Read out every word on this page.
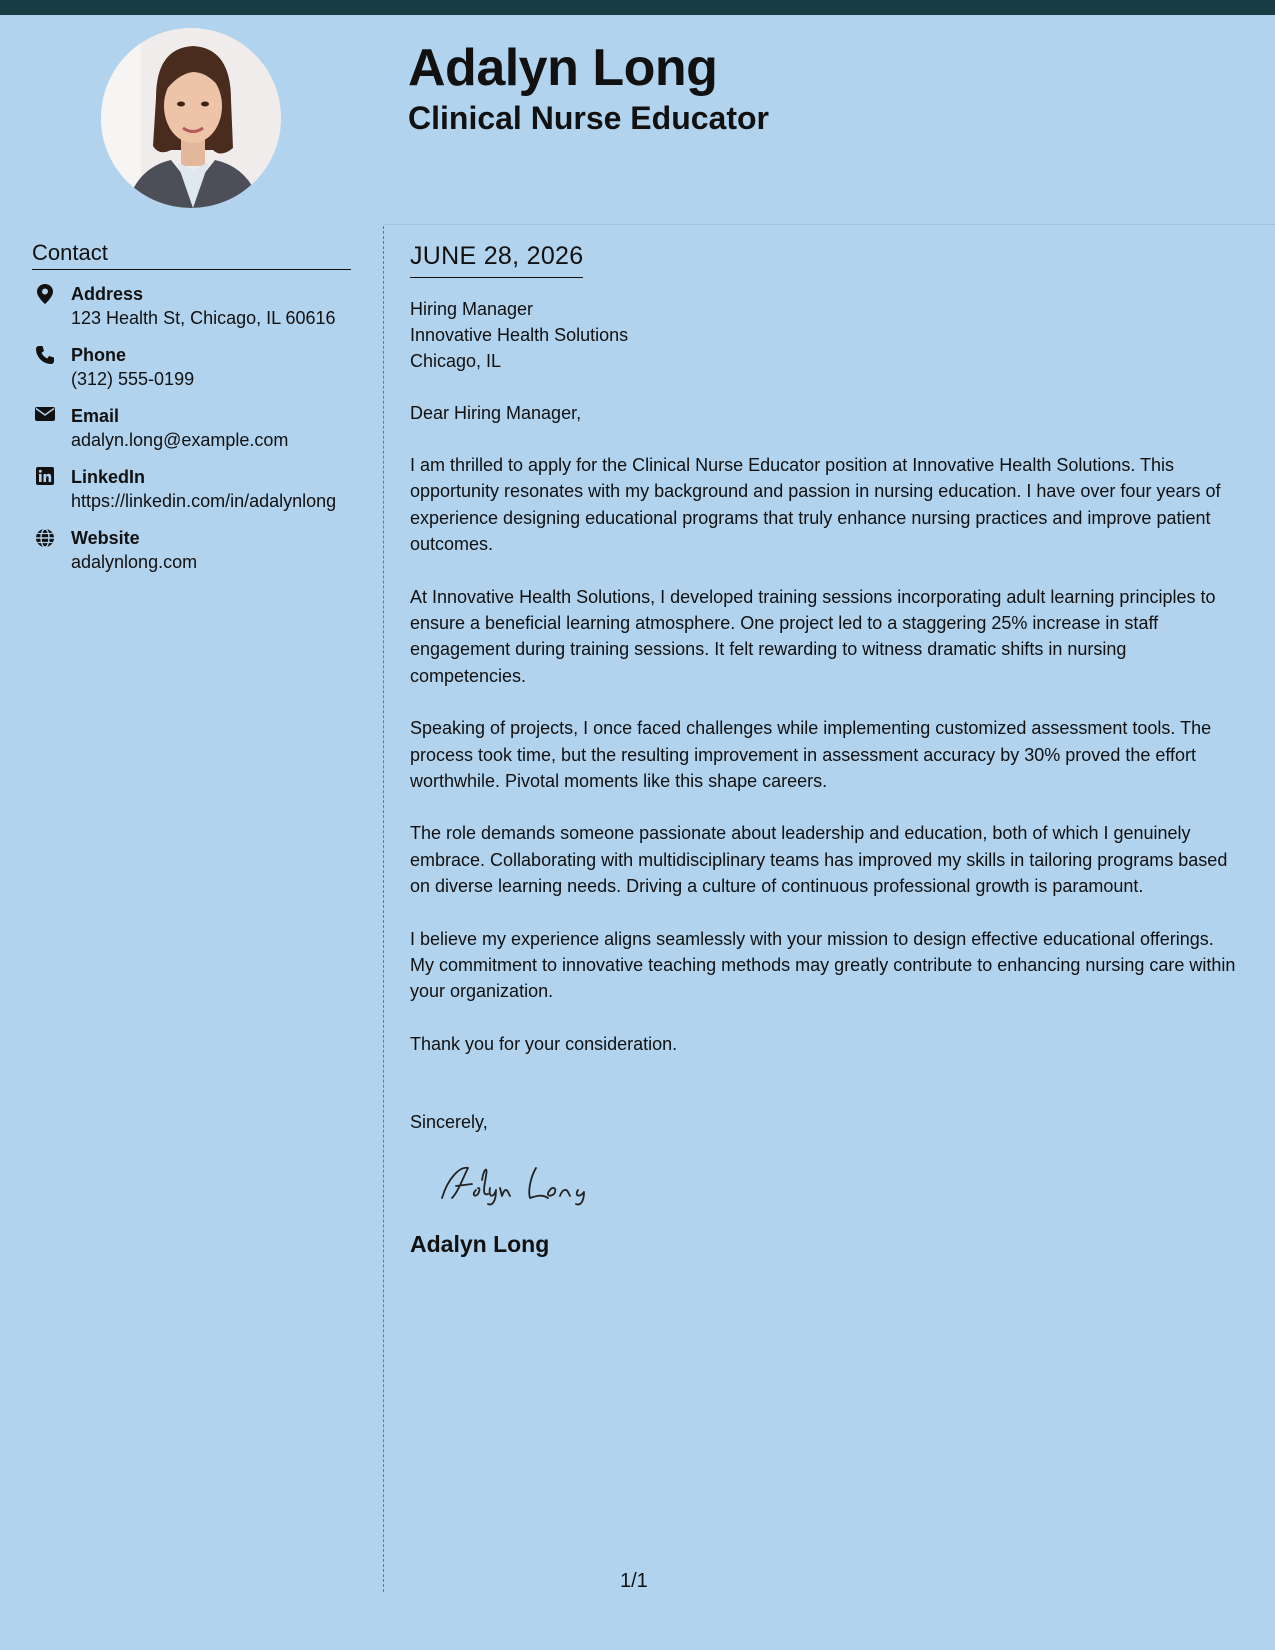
Adalyn Long
Clinical Nurse Educator
Contact
Address
123 Health St, Chicago, IL 60616
Phone
(312) 555-0199
Email
adalyn.long@example.com
LinkedIn
https://linkedin.com/in/adalynlong
Website
adalynlong.com
JUNE 28, 2026
Hiring Manager
Innovative Health Solutions
Chicago, IL
Dear Hiring Manager,

I am thrilled to apply for the Clinical Nurse Educator position at Innovative Health Solutions. This opportunity resonates with my background and passion in nursing education. I have over four years of experience designing educational programs that truly enhance nursing practices and improve patient outcomes.

At Innovative Health Solutions, I developed training sessions incorporating adult learning principles to ensure a beneficial learning atmosphere. One project led to a staggering 25% increase in staff engagement during training sessions. It felt rewarding to witness dramatic shifts in nursing competencies.

Speaking of projects, I once faced challenges while implementing customized assessment tools. The process took time, but the resulting improvement in assessment accuracy by 30% proved the effort worthwhile. Pivotal moments like this shape careers.

The role demands someone passionate about leadership and education, both of which I genuinely embrace. Collaborating with multidisciplinary teams has improved my skills in tailoring programs based on diverse learning needs. Driving a culture of continuous professional growth is paramount.

I believe my experience aligns seamlessly with your mission to design effective educational offerings. My commitment to innovative teaching methods may greatly contribute to enhancing nursing care within your organization.

Thank you for your consideration.

Sincerely,
Adalyn Long
1/1
